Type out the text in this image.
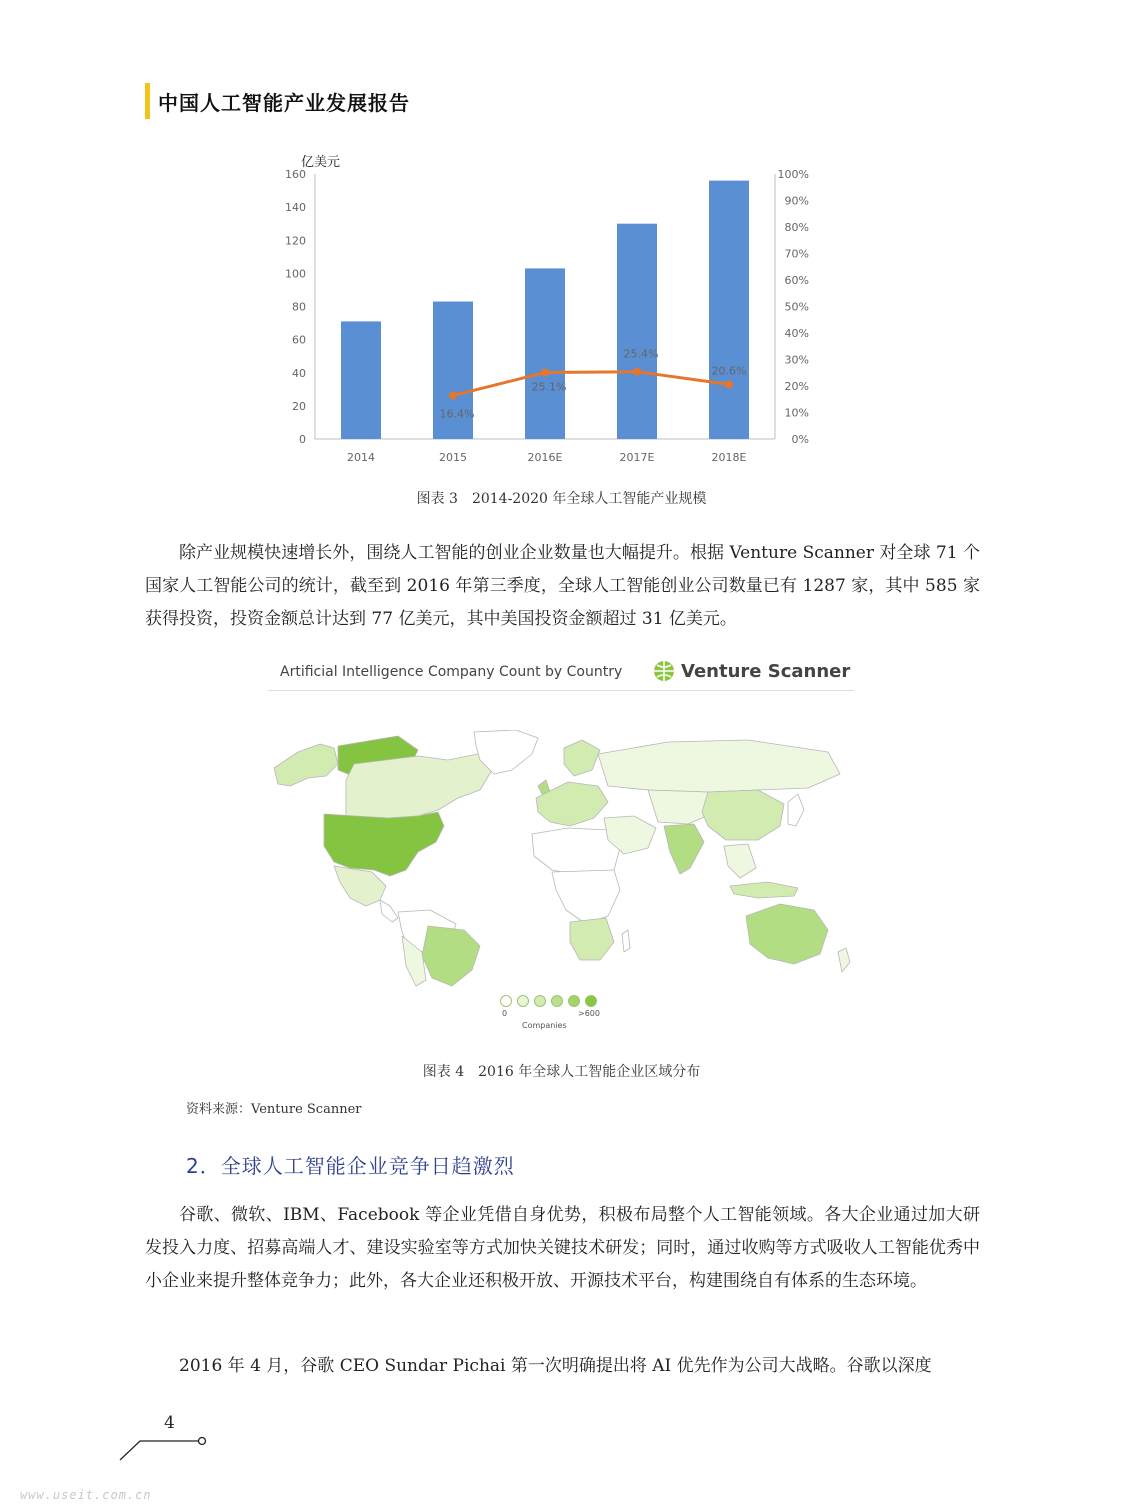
中国人工智能产业发展报告
0
20
40
60
80
100
120
140
160
0%
10%
20%
30%
40%
50%
60%
70%
80%
90%
100%
亿美元
2014	2015	2016E	2017E	2018E
16.4%
25.1%
25.4%
20.6%
图表 3　2014-2020 年全球人工智能产业规模

除产业规模快速增长外，围绕人工智能的创业企业数量也大幅提升。根据 Venture Scanner 对全球 71 个国家人工智能公司的统计，截至到 2016 年第三季度，全球人工智能创业公司数量已有 1287 家，其中 585 家获得投资，投资金额总计达到 77 亿美元，其中美国投资金额超过 31 亿美元。

Artificial Intelligence Company Count by Country	Venture Scanner
0	>600
Companies
图表 4　2016 年全球人工智能企业区域分布
资料来源：Venture Scanner
2．全球人工智能企业竞争日趋激烈

谷歌、微软、IBM、Facebook 等企业凭借自身优势，积极布局整个人工智能领域。各大企业通过加大研发投入力度、招募高端人才、建设实验室等方式加快关键技术研发；同时，通过收购等方式吸收人工智能优秀中小企业来提升整体竞争力；此外，各大企业还积极开放、开源技术平台，构建围绕自有体系的生态环境。

2016 年 4 月，谷歌 CEO Sundar Pichai 第一次明确提出将 AI 优先作为公司大战略。谷歌以深度

4
www.useit.com.cn
